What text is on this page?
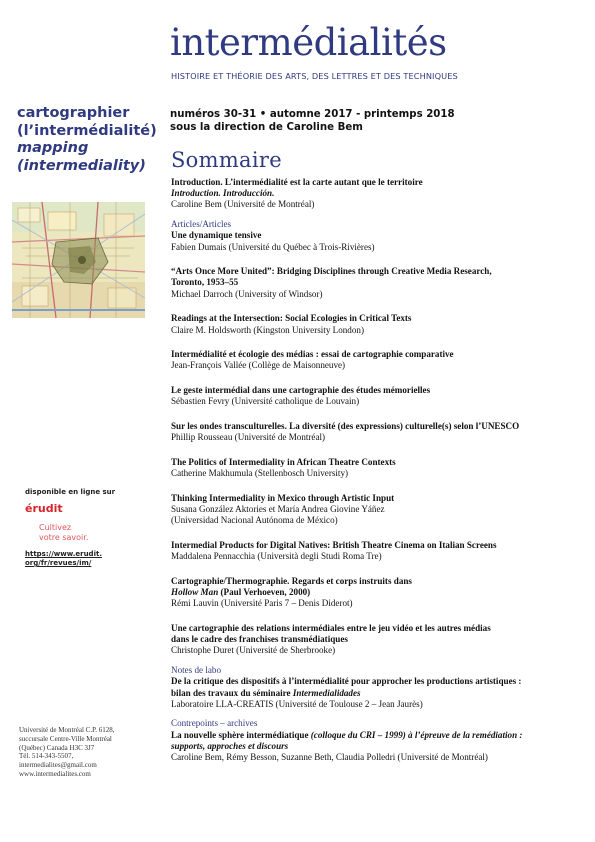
intermédialités
HISTOIRE ET THÉORIE DES ARTS, DES LETTRES ET DES TECHNIQUES
cartographier
(l’intermédialité)
mapping
(intermediality)
disponible en ligne sur
érudit
Cultivez
votre savoir.
https://www.erudit.
org/fr/revues/im/
Université de Montréal C.P. 6128,
succursale Centre-Ville Montréal
(Québec) Canada H3C 3J7
Tél. 514-343-5507,
intermedialites@gmail.com
www.intermedialites.com
numéros 30-31 • automne 2017 - printemps 2018
sous la direction de Caroline Bem
Sommaire
Introduction. L’intermédialité est la carte autant que le territoire
Introduction. Introducción.
Caroline Bem (Université de Montréal)
Articles/Articles
Une dynamique tensive
Fabien Dumais (Université du Québec à Trois-Rivières)
“Arts Once More United”: Bridging Disciplines through Creative Media Research,
Toronto, 1953–55
Michael Darroch (University of Windsor)
Readings at the Intersection: Social Ecologies in Critical Texts
Claire M. Holdsworth (Kingston University London)
Intermédialité et écologie des médias : essai de cartographie comparative
Jean-François Vallée (Collège de Maisonneuve)
Le geste intermédial dans une cartographie des études mémorielles
Sébastien Fevry (Université catholique de Louvain)
Sur les ondes transculturelles. La diversité (des expressions) culturelle(s) selon l’UNESCO
Phillip Rousseau (Université de Montréal)
The Politics of Intermediality in African Theatre Contexts
Catherine Makhumula (Stellenbosch University)
Thinking Intermediality in Mexico through Artistic Input
Susana González Aktories et María Andrea Giovine Yáñez
(Universidad Nacional Autónoma de México)
Intermedial Products for Digital Natives: British Theatre Cinema on Italian Screens
Maddalena Pennacchia (Università degli Studi Roma Tre)
Cartographie/Thermographie. Regards et corps instruits dans
Hollow Man (Paul Verhoeven, 2000)
Rémi Lauvin (Université Paris 7 – Denis Diderot)
Une cartographie des relations intermédiales entre le jeu vidéo et les autres médias
dans le cadre des franchises transmédiatiques
Christophe Duret (Université de Sherbrooke)
Notes de labo
De la critique des dispositifs à l’intermédialité pour approcher les productions artistiques :
bilan des travaux du séminaire Intermedialidades
Laboratoire LLA-CREATIS (Université de Toulouse 2 – Jean Jaurès)
Contrepoints – archives
La nouvelle sphère intermédiatique (colloque du CRI – 1999) à l’épreuve de la remédiation :
supports, approches et discours
Caroline Bem, Rémy Besson, Suzanne Beth, Claudia Polledri (Université de Montréal)
